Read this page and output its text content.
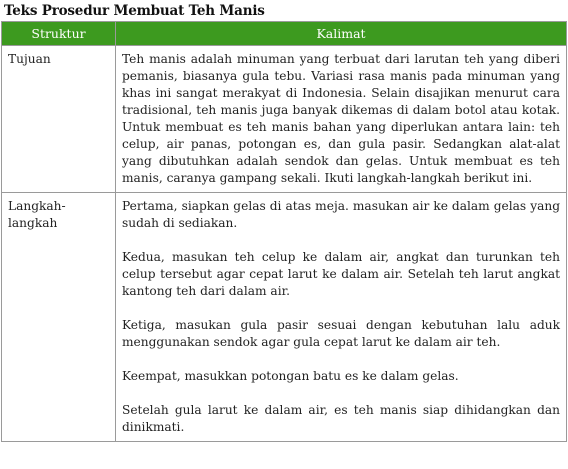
Teks Prosedur Membuat Teh Manis
Struktur	Kalimat
Tujuan	Teh manis adalah minuman yang terbuat dari larutan teh yang diberi pemanis, biasanya gula tebu. Variasi rasa manis pada minuman yang khas ini sangat merakyat di Indonesia. Selain disajikan menurut cara tradisional, teh manis juga banyak dikemas di dalam botol atau kotak. Untuk membuat es teh manis bahan yang diperlukan antara lain: teh celup, air panas, potongan es, dan gula pasir. Sedangkan alat-alat yang dibutuhkan adalah sendok dan gelas. Untuk membuat es teh manis, caranya gampang sekali. Ikuti langkah-langkah berikut ini.
Langkah-langkah	Pertama, siapkan gelas di atas meja. masukan air ke dalam gelas yang sudah di sediakan.

Kedua, masukan teh celup ke dalam air, angkat dan turunkan teh celup tersebut agar cepat larut ke dalam air. Setelah teh larut angkat kantong teh dari dalam air.

Ketiga, masukan gula pasir sesuai dengan kebutuhan lalu aduk menggunakan sendok agar gula cepat larut ke dalam air teh.

Keempat, masukkan potongan batu es ke dalam gelas.

Setelah gula larut ke dalam air, es teh manis siap dihidangkan dan dinikmati.
